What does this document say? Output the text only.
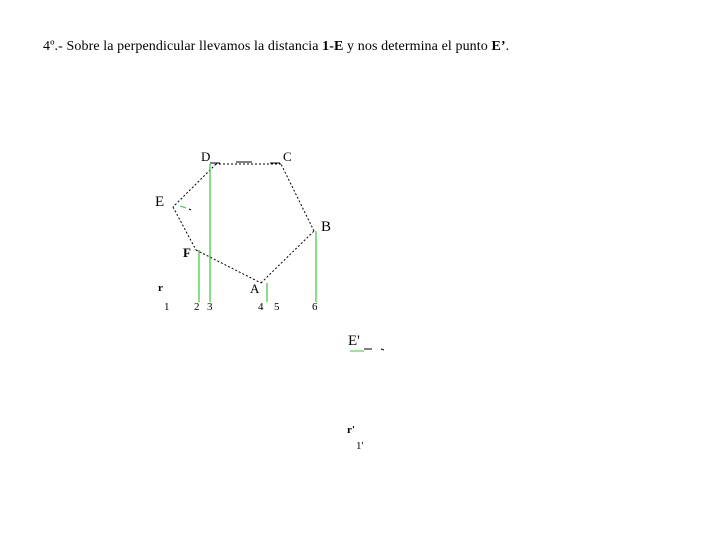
4º.- Sobre la perpendicular llevamos la distancia 1-E y nos determina el punto E’.
D	C
E
B
F
A
r
1 2 3	4 5	6
E'
r'
1'
